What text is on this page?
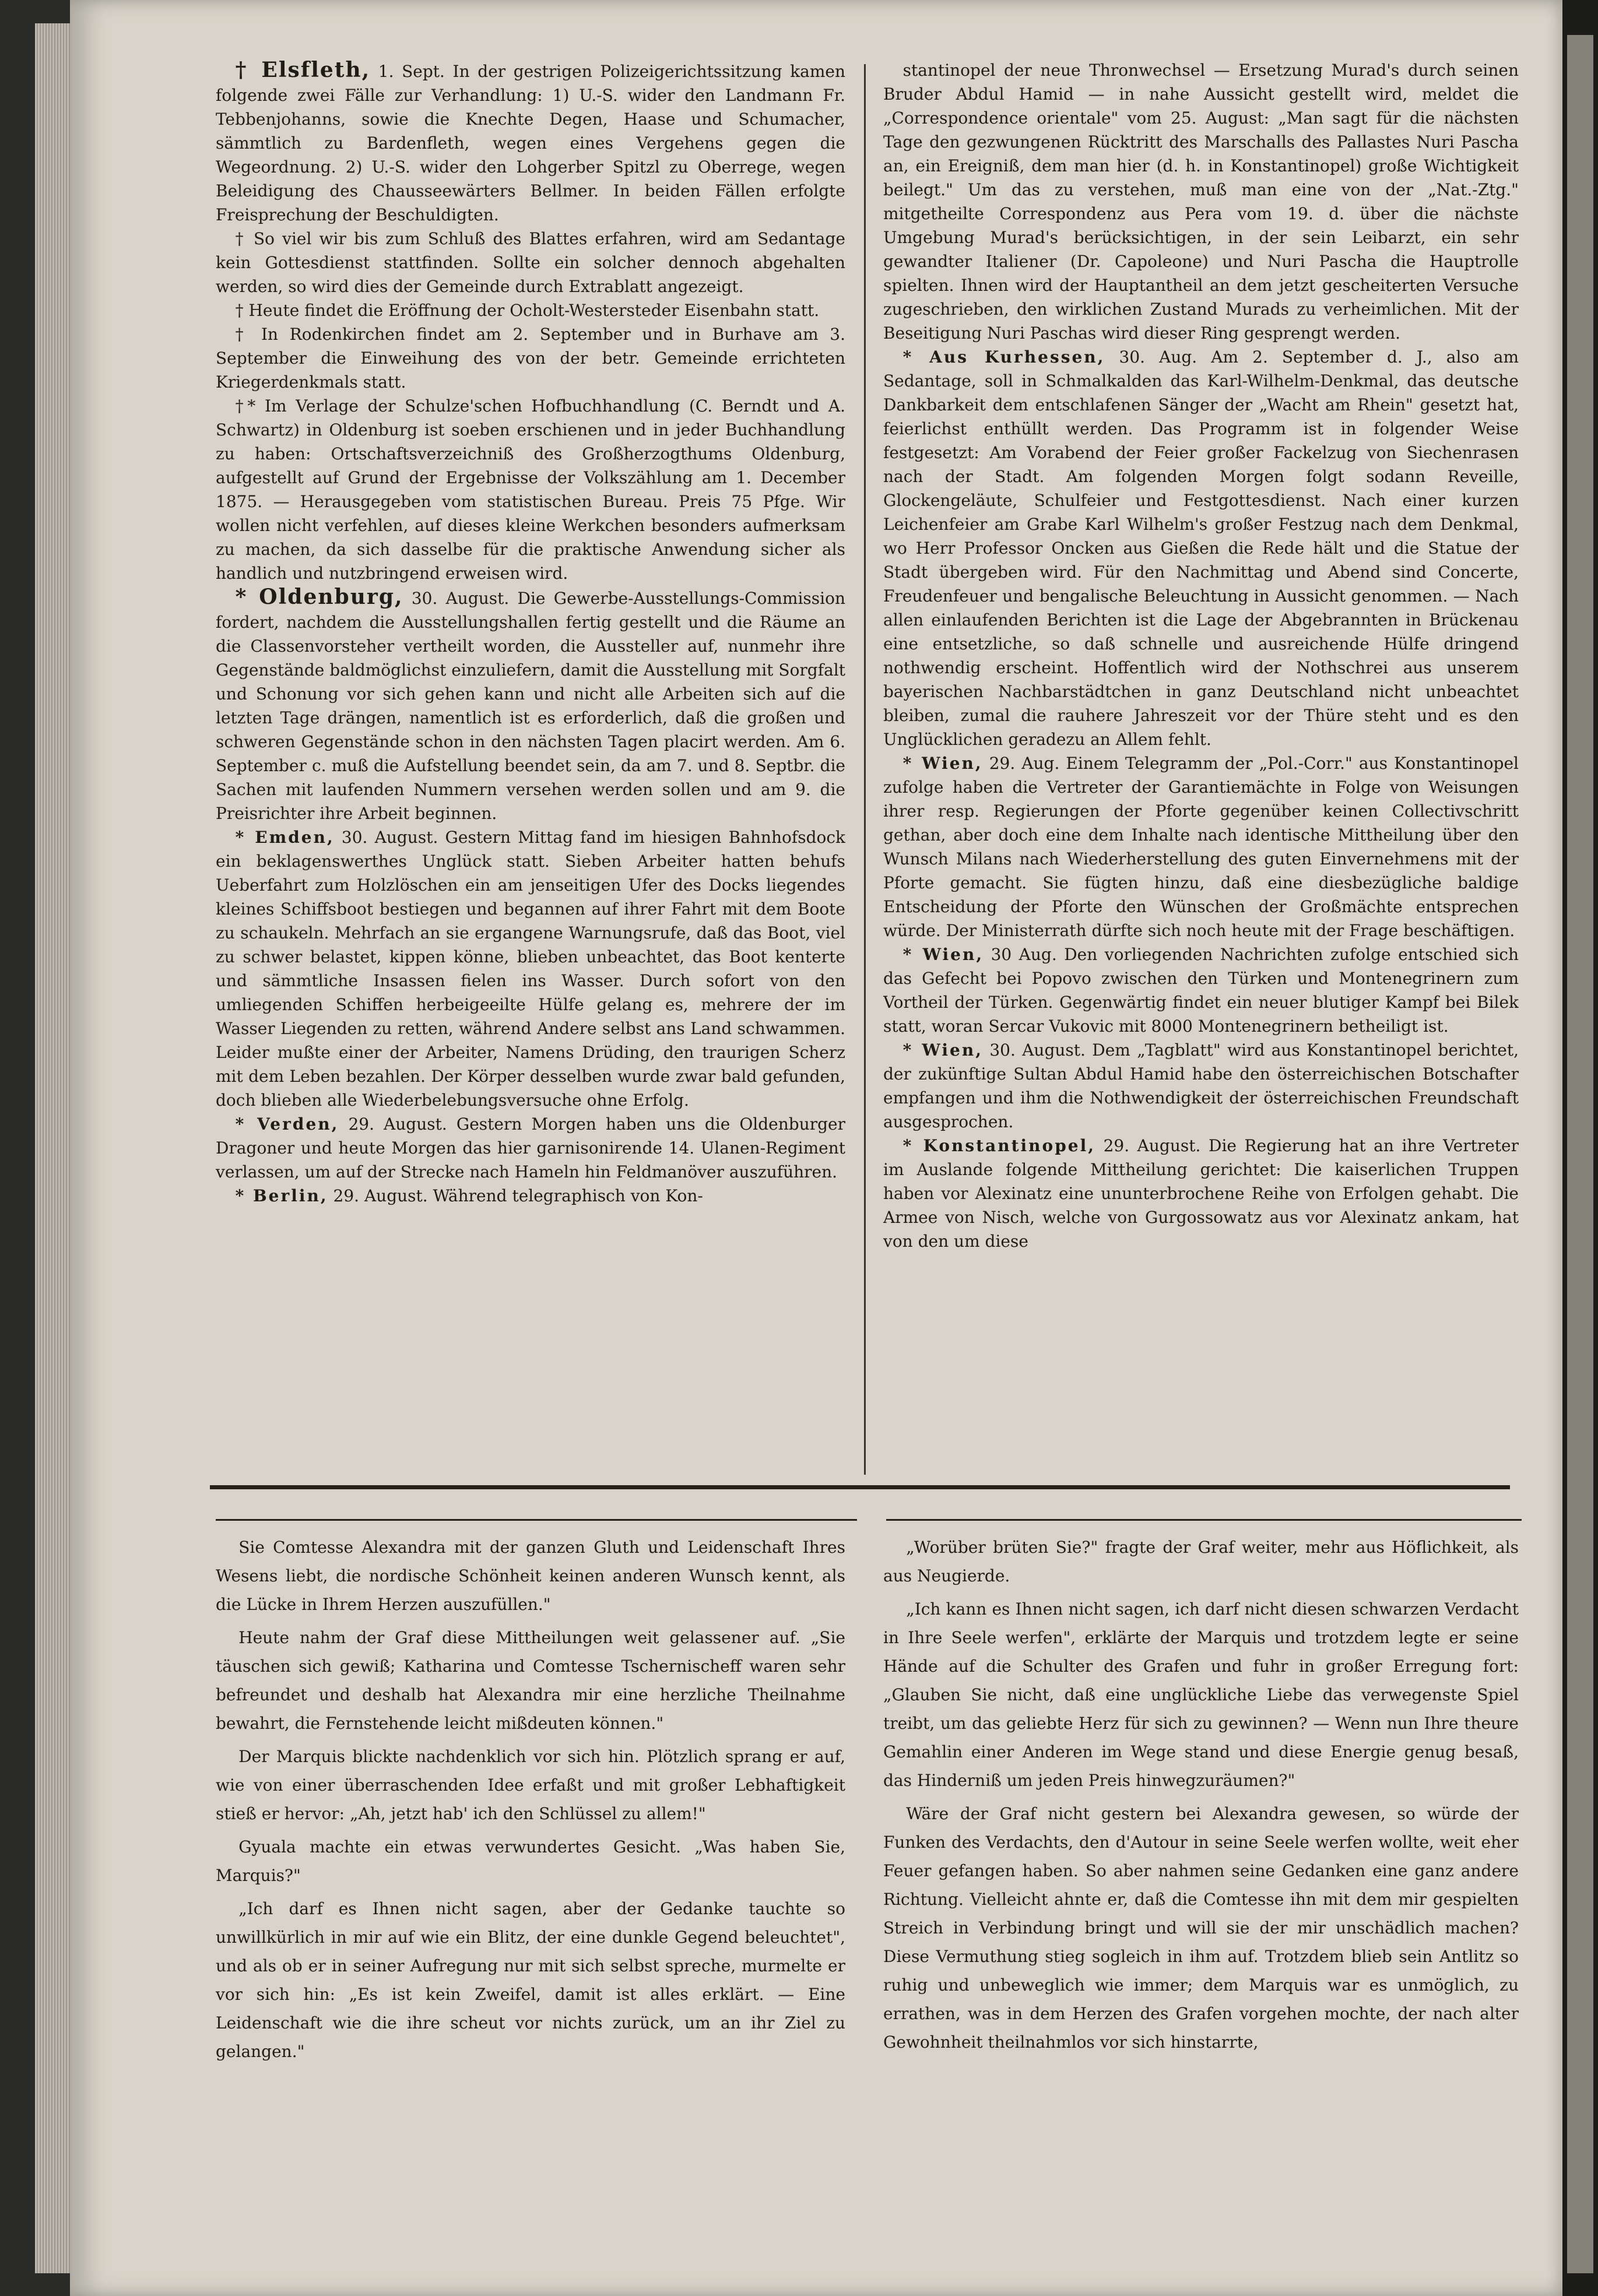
† Elsfleth, 1. Sept. In der gestrigen Polizeigerichtssitzung kamen folgende zwei Fälle zur Verhandlung: 1) U.-S. wider den Landmann Fr. Tebbenjohanns, sowie die Knechte Degen, Haase und Schumacher, sämmtlich zu Bardenfleth, wegen eines Vergehens gegen die Wegeordnung. 2) U.-S. wider den Lohgerber Spitzl zu Oberrege, wegen Beleidigung des Chausseewärters Bellmer. In beiden Fällen erfolgte Freisprechung der Beschuldigten.
† So viel wir bis zum Schluß des Blattes erfahren, wird am Sedantage kein Gottesdienst stattfinden. Sollte ein solcher dennoch abgehalten werden, so wird dies der Gemeinde durch Extrablatt angezeigt.
† Heute findet die Eröffnung der Ocholt-Westersteder Eisenbahn statt.
† In Rodenkirchen findet am 2. September und in Burhave am 3. September die Einweihung des von der betr. Gemeinde errichteten Kriegerdenkmals statt.
†* Im Verlage der Schulze'schen Hofbuchhandlung (C. Berndt und A. Schwartz) in Oldenburg ist soeben erschienen und in jeder Buchhandlung zu haben: Ortschaftsverzeichniß des Großherzogthums Oldenburg, aufgestellt auf Grund der Ergebnisse der Volkszählung am 1. December 1875. — Herausgegeben vom statistischen Bureau. Preis 75 Pfge. Wir wollen nicht verfehlen, auf dieses kleine Werkchen besonders aufmerksam zu machen, da sich dasselbe für die praktische Anwendung sicher als handlich und nutzbringend erweisen wird.
* Oldenburg, 30. August. Die Gewerbe-Ausstellungs-Commission fordert, nachdem die Ausstellungshallen fertig gestellt und die Räume an die Classenvorsteher vertheilt worden, die Aussteller auf, nunmehr ihre Gegenstände baldmöglichst einzuliefern, damit die Ausstellung mit Sorgfalt und Schonung vor sich gehen kann und nicht alle Arbeiten sich auf die letzten Tage drängen, namentlich ist es erforderlich, daß die großen und schweren Gegenstände schon in den nächsten Tagen placirt werden. Am 6. September c. muß die Aufstellung beendet sein, da am 7. und 8. Septbr. die Sachen mit laufenden Nummern versehen werden sollen und am 9. die Preisrichter ihre Arbeit beginnen.
* Emden, 30. August. Gestern Mittag fand im hiesigen Bahnhofsdock ein beklagenswerthes Unglück statt. Sieben Arbeiter hatten behufs Ueberfahrt zum Holzlöschen ein am jenseitigen Ufer des Docks liegendes kleines Schiffsboot bestiegen und begannen auf ihrer Fahrt mit dem Boote zu schaukeln. Mehrfach an sie ergangene Warnungsrufe, daß das Boot, viel zu schwer belastet, kippen könne, blieben unbeachtet, das Boot kenterte und sämmtliche Insassen fielen ins Wasser. Durch sofort von den umliegenden Schiffen herbeigeeilte Hülfe gelang es, mehrere der im Wasser Liegenden zu retten, während Andere selbst ans Land schwammen. Leider mußte einer der Arbeiter, Namens Drüding, den traurigen Scherz mit dem Leben bezahlen. Der Körper desselben wurde zwar bald gefunden, doch blieben alle Wiederbelebungsversuche ohne Erfolg.
* Verden, 29. August. Gestern Morgen haben uns die Oldenburger Dragoner und heute Morgen das hier garnisonirende 14. Ulanen-Regiment verlassen, um auf der Strecke nach Hameln hin Feldmanöver auszuführen.
* Berlin, 29. August. Während telegraphisch von Kon-
stantinopel der neue Thronwechsel — Ersetzung Murad's durch seinen Bruder Abdul Hamid — in nahe Aussicht gestellt wird, meldet die „Correspondence orientale" vom 25. August: „Man sagt für die nächsten Tage den gezwungenen Rücktritt des Marschalls des Pallastes Nuri Pascha an, ein Ereigniß, dem man hier (d. h. in Konstantinopel) große Wichtigkeit beilegt." Um das zu verstehen, muß man eine von der „Nat.-Ztg." mitgetheilte Correspondenz aus Pera vom 19. d. über die nächste Umgebung Murad's berücksichtigen, in der sein Leibarzt, ein sehr gewandter Italiener (Dr. Capoleone) und Nuri Pascha die Hauptrolle spielten. Ihnen wird der Hauptantheil an dem jetzt gescheiterten Versuche zugeschrieben, den wirklichen Zustand Murads zu verheimlichen. Mit der Beseitigung Nuri Paschas wird dieser Ring gesprengt werden.
* Aus Kurhessen, 30. Aug. Am 2. September d. J., also am Sedantage, soll in Schmalkalden das Karl-Wilhelm-Denkmal, das deutsche Dankbarkeit dem entschlafenen Sänger der „Wacht am Rhein" gesetzt hat, feierlichst enthüllt werden. Das Programm ist in folgender Weise festgesetzt: Am Vorabend der Feier großer Fackelzug von Siechenrasen nach der Stadt. Am folgenden Morgen folgt sodann Reveille, Glockengeläute, Schulfeier und Festgottesdienst. Nach einer kurzen Leichenfeier am Grabe Karl Wilhelm's großer Festzug nach dem Denkmal, wo Herr Professor Oncken aus Gießen die Rede hält und die Statue der Stadt übergeben wird. Für den Nachmittag und Abend sind Concerte, Freudenfeuer und bengalische Beleuchtung in Aussicht genommen. — Nach allen einlaufenden Berichten ist die Lage der Abgebrannten in Brückenau eine entsetzliche, so daß schnelle und ausreichende Hülfe dringend nothwendig erscheint. Hoffentlich wird der Nothschrei aus unserem bayerischen Nachbarstädtchen in ganz Deutschland nicht unbeachtet bleiben, zumal die rauhere Jahreszeit vor der Thüre steht und es den Unglücklichen geradezu an Allem fehlt.
* Wien, 29. Aug. Einem Telegramm der „Pol.-Corr." aus Konstantinopel zufolge haben die Vertreter der Garantiemächte in Folge von Weisungen ihrer resp. Regierungen der Pforte gegenüber keinen Collectivschritt gethan, aber doch eine dem Inhalte nach identische Mittheilung über den Wunsch Milans nach Wiederherstellung des guten Einvernehmens mit der Pforte gemacht. Sie fügten hinzu, daß eine diesbezügliche baldige Entscheidung der Pforte den Wünschen der Großmächte entsprechen würde. Der Ministerrath dürfte sich noch heute mit der Frage beschäftigen.
* Wien, 30 Aug. Den vorliegenden Nachrichten zufolge entschied sich das Gefecht bei Popovo zwischen den Türken und Montenegrinern zum Vortheil der Türken. Gegenwärtig findet ein neuer blutiger Kampf bei Bilek statt, woran Sercar Vukovic mit 8000 Montenegrinern betheiligt ist.
* Wien, 30. August. Dem „Tagblatt" wird aus Konstantinopel berichtet, der zukünftige Sultan Abdul Hamid habe den österreichischen Botschafter empfangen und ihm die Nothwendigkeit der österreichischen Freundschaft ausgesprochen.
* Konstantinopel, 29. August. Die Regierung hat an ihre Vertreter im Auslande folgende Mittheilung gerichtet: Die kaiserlichen Truppen haben vor Alexinatz eine ununterbrochene Reihe von Erfolgen gehabt. Die Armee von Nisch, welche von Gurgossowatz aus vor Alexinatz ankam, hat von den um diese

Sie Comtesse Alexandra mit der ganzen Gluth und Leidenschaft Ihres Wesens liebt, die nordische Schönheit keinen anderen Wunsch kennt, als die Lücke in Ihrem Herzen auszufüllen."

Heute nahm der Graf diese Mittheilungen weit gelassener auf. „Sie täuschen sich gewiß; Katharina und Comtesse Tschernischeff waren sehr befreundet und deshalb hat Alexandra mir eine herzliche Theilnahme bewahrt, die Fernstehende leicht mißdeuten können."

Der Marquis blickte nachdenklich vor sich hin. Plötzlich sprang er auf, wie von einer überraschenden Idee erfaßt und mit großer Lebhaftigkeit stieß er hervor: „Ah, jetzt hab' ich den Schlüssel zu allem!"

Gyuala machte ein etwas verwundertes Gesicht. „Was haben Sie, Marquis?"

„Ich darf es Ihnen nicht sagen, aber der Gedanke tauchte so unwillkürlich in mir auf wie ein Blitz, der eine dunkle Gegend beleuchtet", und als ob er in seiner Aufregung nur mit sich selbst spreche, murmelte er vor sich hin: „Es ist kein Zweifel, damit ist alles erklärt. — Eine Leidenschaft wie die ihre scheut vor nichts zurück, um an ihr Ziel zu gelangen."

„Worüber brüten Sie?" fragte der Graf weiter, mehr aus Höflichkeit, als aus Neugierde.

„Ich kann es Ihnen nicht sagen, ich darf nicht diesen schwarzen Verdacht in Ihre Seele werfen", erklärte der Marquis und trotzdem legte er seine Hände auf die Schulter des Grafen und fuhr in großer Erregung fort: „Glauben Sie nicht, daß eine unglückliche Liebe das verwegenste Spiel treibt, um das geliebte Herz für sich zu gewinnen? — Wenn nun Ihre theure Gemahlin einer Anderen im Wege stand und diese Energie genug besaß, das Hinderniß um jeden Preis hinwegzuräumen?"

Wäre der Graf nicht gestern bei Alexandra gewesen, so würde der Funken des Verdachts, den d'Autour in seine Seele werfen wollte, weit eher Feuer gefangen haben. So aber nahmen seine Gedanken eine ganz andere Richtung. Vielleicht ahnte er, daß die Comtesse ihn mit dem mir gespielten Streich in Verbindung bringt und will sie der mir unschädlich machen? Diese Vermuthung stieg sogleich in ihm auf. Trotzdem blieb sein Antlitz so ruhig und unbeweglich wie immer; dem Marquis war es unmöglich, zu errathen, was in dem Herzen des Grafen vorgehen mochte, der nach alter Gewohnheit theilnahmlos vor sich hinstarrte,
